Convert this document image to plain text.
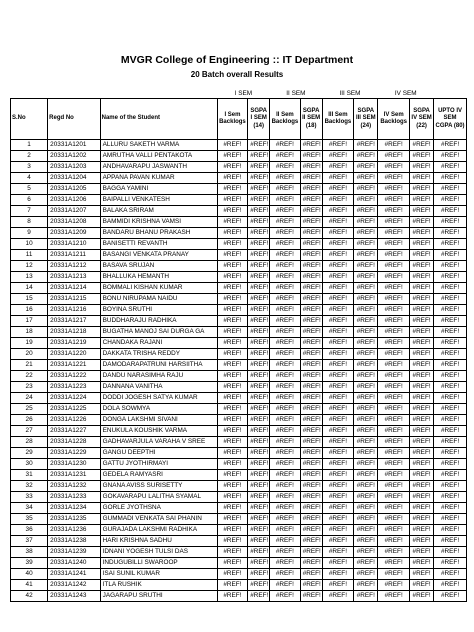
MVGR College of Engineering :: IT Department
20 Batch overall Results
			I SEM		II SEM		III SEM		IV SEM		
S.No	Regd No	Name of the Student	I Sem Backlogs	SGPA I SEM (14)	II Sem Backlogs	SGPA II SEM (18)	III Sem Backlogs	SGPA III SEM (24)	IV Sem Backlogs	SGPA IV SEM (22)	UPTO IV SEM CGPA (80)
1	20331A1201	ALLURU SAKETH VARMA	#REF!	#REF!	#REF!	#REF!	#REF!	#REF!	#REF!	#REF!	#REF!
2	20331A1202	AMRUTHA VALLI PENTAKOTA	#REF!	#REF!	#REF!	#REF!	#REF!	#REF!	#REF!	#REF!	#REF!
3	20331A1203	ANDHAVARAPU JASWANTH	#REF!	#REF!	#REF!	#REF!	#REF!	#REF!	#REF!	#REF!	#REF!
4	20331A1204	APPANA PAVAN KUMAR	#REF!	#REF!	#REF!	#REF!	#REF!	#REF!	#REF!	#REF!	#REF!
5	20331A1205	BAGGA YAMINI	#REF!	#REF!	#REF!	#REF!	#REF!	#REF!	#REF!	#REF!	#REF!
6	20331A1206	BAIPALLI VENKATESH	#REF!	#REF!	#REF!	#REF!	#REF!	#REF!	#REF!	#REF!	#REF!
7	20331A1207	BALAKA SRIRAM	#REF!	#REF!	#REF!	#REF!	#REF!	#REF!	#REF!	#REF!	#REF!
8	20331A1208	BAMMIDI KRISHNA VAMSI	#REF!	#REF!	#REF!	#REF!	#REF!	#REF!	#REF!	#REF!	#REF!
9	20331A1209	BANDARU BHANU PRAKASH	#REF!	#REF!	#REF!	#REF!	#REF!	#REF!	#REF!	#REF!	#REF!
10	20331A1210	BANISETTI REVANTH	#REF!	#REF!	#REF!	#REF!	#REF!	#REF!	#REF!	#REF!	#REF!
11	20331A1211	BASANGI VENKATA PRANAY	#REF!	#REF!	#REF!	#REF!	#REF!	#REF!	#REF!	#REF!	#REF!
12	20331A1212	BASAVA SRUJAN	#REF!	#REF!	#REF!	#REF!	#REF!	#REF!	#REF!	#REF!	#REF!
13	20331A1213	BHALLUKA HEMANTH	#REF!	#REF!	#REF!	#REF!	#REF!	#REF!	#REF!	#REF!	#REF!
14	20331A1214	BOMMALI KISHAN KUMAR	#REF!	#REF!	#REF!	#REF!	#REF!	#REF!	#REF!	#REF!	#REF!
15	20331A1215	BONU NIRUPAMA NAIDU	#REF!	#REF!	#REF!	#REF!	#REF!	#REF!	#REF!	#REF!	#REF!
16	20331A1216	BOYINA SRUTHI	#REF!	#REF!	#REF!	#REF!	#REF!	#REF!	#REF!	#REF!	#REF!
17	20331A1217	BUDDHARAJU RADHIKA	#REF!	#REF!	#REF!	#REF!	#REF!	#REF!	#REF!	#REF!	#REF!
18	20331A1218	BUGATHA MANOJ SAI DURGA GA	#REF!	#REF!	#REF!	#REF!	#REF!	#REF!	#REF!	#REF!	#REF!
19	20331A1219	CHANDAKA RAJANI	#REF!	#REF!	#REF!	#REF!	#REF!	#REF!	#REF!	#REF!	#REF!
20	20331A1220	DAKKATA TRISHA REDDY	#REF!	#REF!	#REF!	#REF!	#REF!	#REF!	#REF!	#REF!	#REF!
21	20331A1221	DAMODARAPATRUNI HARSIITHA	#REF!	#REF!	#REF!	#REF!	#REF!	#REF!	#REF!	#REF!	#REF!
22	20331A1222	DANDU NARASIMHA RAJU	#REF!	#REF!	#REF!	#REF!	#REF!	#REF!	#REF!	#REF!	#REF!
23	20331A1223	DANNANA VANITHA	#REF!	#REF!	#REF!	#REF!	#REF!	#REF!	#REF!	#REF!	#REF!
24	20331A1224	DODDI JOGESH SATYA KUMAR	#REF!	#REF!	#REF!	#REF!	#REF!	#REF!	#REF!	#REF!	#REF!
25	20331A1225	DOLA SOWMYA	#REF!	#REF!	#REF!	#REF!	#REF!	#REF!	#REF!	#REF!	#REF!
26	20331A1226	DONGA LAKSHMI SIVANI	#REF!	#REF!	#REF!	#REF!	#REF!	#REF!	#REF!	#REF!	#REF!
27	20331A1227	ENUKULA KOUSHIK VARMA	#REF!	#REF!	#REF!	#REF!	#REF!	#REF!	#REF!	#REF!	#REF!
28	20331A1228	GADHAVARJULA VARAHA V SREE	#REF!	#REF!	#REF!	#REF!	#REF!	#REF!	#REF!	#REF!	#REF!
29	20331A1229	GANGU DEEPTHI	#REF!	#REF!	#REF!	#REF!	#REF!	#REF!	#REF!	#REF!	#REF!
30	20331A1230	GATTU JYOTHIRMAYI	#REF!	#REF!	#REF!	#REF!	#REF!	#REF!	#REF!	#REF!	#REF!
31	20331A1231	GEDELA RAMYASRI	#REF!	#REF!	#REF!	#REF!	#REF!	#REF!	#REF!	#REF!	#REF!
32	20331A1232	GNANA AVISS SURISETTY	#REF!	#REF!	#REF!	#REF!	#REF!	#REF!	#REF!	#REF!	#REF!
33	20331A1233	GOKAVARAPU LALITHA SYAMAL	#REF!	#REF!	#REF!	#REF!	#REF!	#REF!	#REF!	#REF!	#REF!
34	20331A1234	GORLE JYOTHSNA	#REF!	#REF!	#REF!	#REF!	#REF!	#REF!	#REF!	#REF!	#REF!
35	20331A1235	GUMMADI VENKATA SAI PHANIN	#REF!	#REF!	#REF!	#REF!	#REF!	#REF!	#REF!	#REF!	#REF!
36	20331A1236	GURAJADA LAKSHMI RADHIKA	#REF!	#REF!	#REF!	#REF!	#REF!	#REF!	#REF!	#REF!	#REF!
37	20331A1238	HARI KRISHNA SADHU	#REF!	#REF!	#REF!	#REF!	#REF!	#REF!	#REF!	#REF!	#REF!
38	20331A1239	IDNANI YOGESH TULSI DAS	#REF!	#REF!	#REF!	#REF!	#REF!	#REF!	#REF!	#REF!	#REF!
39	20331A1240	INDUGUBILLI SWAROOP	#REF!	#REF!	#REF!	#REF!	#REF!	#REF!	#REF!	#REF!	#REF!
40	20331A1241	ISAI SUNIL KUMAR	#REF!	#REF!	#REF!	#REF!	#REF!	#REF!	#REF!	#REF!	#REF!
41	20331A1242	ITLA RUSHIK	#REF!	#REF!	#REF!	#REF!	#REF!	#REF!	#REF!	#REF!	#REF!
42	20331A1243	JAGARAPU SRUTHI	#REF!	#REF!	#REF!	#REF!	#REF!	#REF!	#REF!	#REF!	#REF!
